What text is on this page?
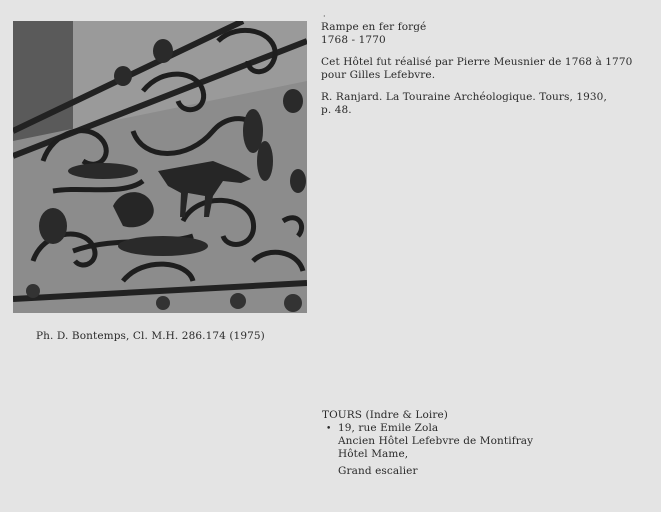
·
Rampe en fer forgé
1768 - 1770
Cet Hôtel fut réalisé par Pierre Meusnier de 1768 à 1770
pour Gilles Lefebvre.
R. Ranjard. La Touraine Archéologique. Tours, 1930,
p. 48.
Ph. D. Bontemps, Cl. M.H. 286.174 (1975)
•
TOURS (Indre & Loire)
19, rue Emile Zola
Ancien Hôtel Lefebvre de Montifray
Hôtel Mame,
Grand escalier
